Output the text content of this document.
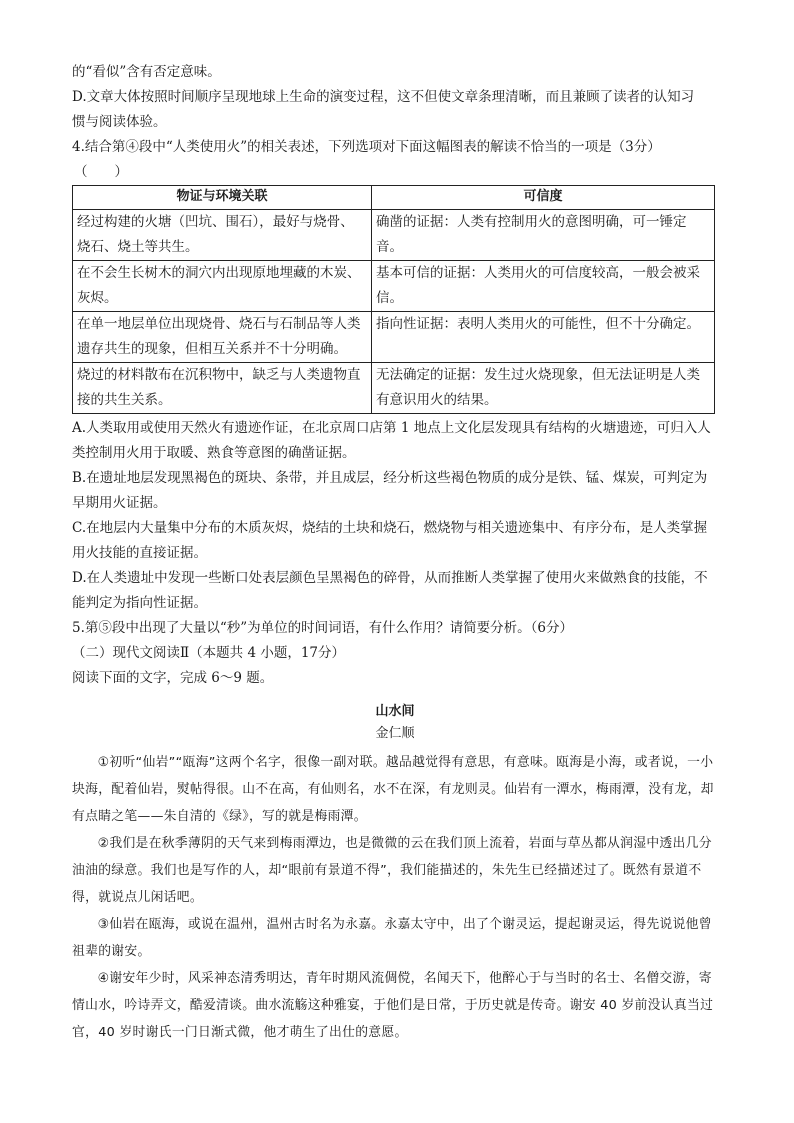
的“看似”含有否定意味。

D.文章大体按照时间顺序呈现地球上生命的演变过程，这不但使文章条理清晰，而且兼顾了读者的认知习

惯与阅读体验。

4.结合第④段中“人类使用火”的相关表述，下列选项对下面这幅图表的解读不恰当的一项是（3分）

（　　）

物证与环境关联	可信度
经过构建的火塘（凹坑、围石），最好与烧骨、烧石、烧土等共生。	确凿的证据：人类有控制用火的意图明确，可一锤定音。
在不会生长树木的洞穴内出现原地埋藏的木炭、灰烬。	基本可信的证据：人类用火的可信度较高，一般会被采信。
在单一地层单位出现烧骨、烧石与石制品等人类遗存共生的现象，但相互关系并不十分明确。	指向性证据：表明人类用火的可能性，但不十分确定。
烧过的材料散布在沉积物中，缺乏与人类遗物直接的共生关系。	无法确定的证据：发生过火烧现象，但无法证明是人类有意识用火的结果。

A.人类取用或使用天然火有遗迹作证，在北京周口店第 1 地点上文化层发现具有结构的火塘遗迹，可归入人类控制用火用于取暖、熟食等意图的确凿证据。

B.在遗址地层发现黑褐色的斑块、条带，并且成层，经分析这些褐色物质的成分是铁、锰、煤炭，可判定为早期用火证据。

C.在地层内大量集中分布的木质灰烬，烧结的土块和烧石，燃烧物与相关遗迹集中、有序分布，是人类掌握用火技能的直接证据。

D.在人类遗址中发现一些断口处表层颜色呈黑褐色的碎骨，从而推断人类掌握了使用火来做熟食的技能，不能判定为指向性证据。

5.第⑤段中出现了大量以“秒”为单位的时间词语，有什么作用？请简要分析。（6分）

（二）现代文阅读Ⅱ（本题共 4 小题，17分）

阅读下面的文字，完成 6～9 题。

山水间
金仁顺

①初听“仙岩”“瓯海”这两个名字，很像一副对联。越品越觉得有意思，有意味。瓯海是小海，或者说，一小块海，配着仙岩，熨帖得很。山不在高，有仙则名，水不在深，有龙则灵。仙岩有一潭水，梅雨潭，没有龙，却有点睛之笔——朱自清的《绿》，写的就是梅雨潭。

②我们是在秋季薄阴的天气来到梅雨潭边，也是微微的云在我们顶上流着，岩面与草丛都从润湿中透出几分油油的绿意。我们也是写作的人，却“眼前有景道不得”，我们能描述的，朱先生已经描述过了。既然有景道不得，就说点儿闲话吧。

③仙岩在瓯海，或说在温州，温州古时名为永嘉。永嘉太守中，出了个谢灵运，提起谢灵运，得先说说他曾祖辈的谢安。

④谢安年少时，风采神态清秀明达，青年时期风流倜傥，名闻天下，他醉心于与当时的名士、名僧交游，寄情山水，吟诗弄文，酷爱清谈。曲水流觞这种雅宴，于他们是日常，于历史就是传奇。谢安 40 岁前没认真当过官，40 岁时谢氏一门日渐式微，他才萌生了出仕的意愿。
